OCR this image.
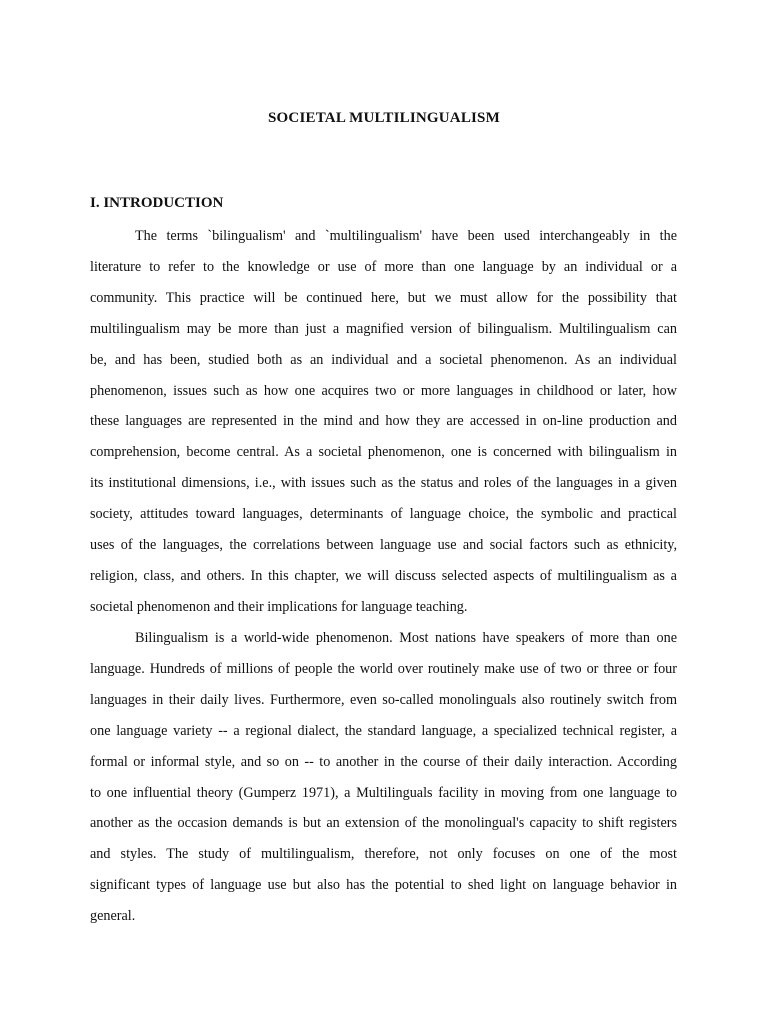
SOCIETAL MULTILINGUALISM
I. INTRODUCTION

The terms `bilingualism' and `multilingualism' have been used interchangeably in the
literature to refer to the knowledge or use of more than one language by an individual or a
community. This practice will be continued here, but we must allow for the possibility that
multilingualism may be more than just a magnified version of bilingualism. Multilingualism can
be, and has been, studied both as an individual and a societal phenomenon. As an individual
phenomenon, issues such as how one acquires two or more languages in childhood or later, how
these languages are represented in the mind and how they are accessed in on-line production and
comprehension, become central. As a societal phenomenon, one is concerned with bilingualism in
its institutional dimensions, i.e., with issues such as the status and roles of the languages in a given
society, attitudes toward languages, determinants of language choice, the symbolic and practical
uses of the languages, the correlations between language use and social factors such as ethnicity,
religion, class, and others. In this chapter, we will discuss selected aspects of multilingualism as a
societal phenomenon and their implications for language teaching.

Bilingualism is a world-wide phenomenon. Most nations have speakers of more than one
language. Hundreds of millions of people the world over routinely make use of two or three or four
languages in their daily lives. Furthermore, even so-called monolinguals also routinely switch from
one language variety -- a regional dialect, the standard language, a specialized technical register, a
formal or informal style, and so on -- to another in the course of their daily interaction. According
to one influential theory (Gumperz 1971), a Multilinguals facility in moving from one language to
another as the occasion demands is but an extension of the monolingual's capacity to shift registers
and styles. The study of multilingualism, therefore, not only focuses on one of the most
significant types of language use but also has the potential to shed light on language behavior in
general.
